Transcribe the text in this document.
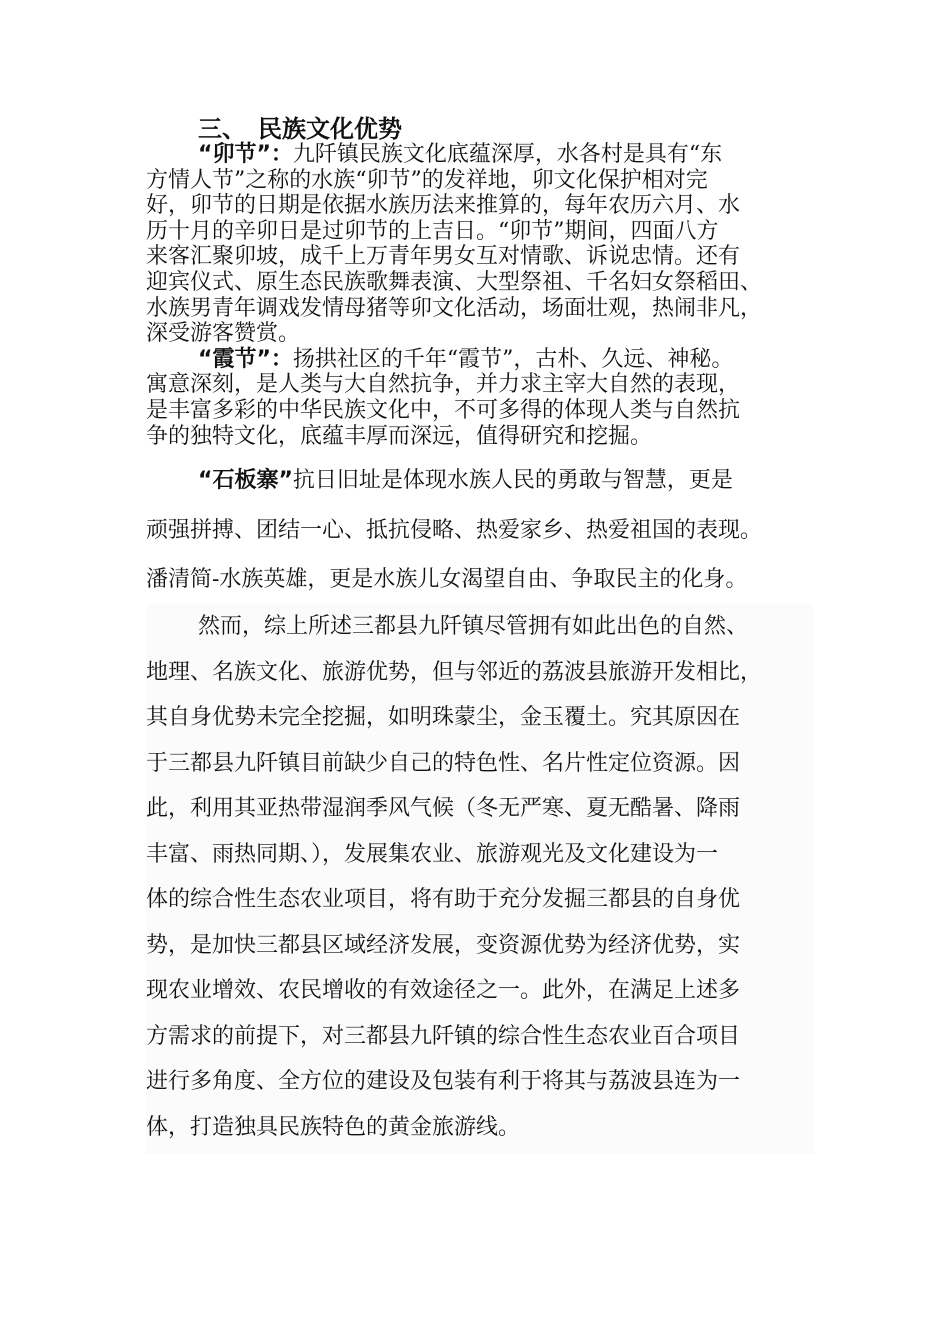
三、 民族文化优势
“卯节”：九阡镇民族文化底蕴深厚，水各村是具有“东
方情人节”之称的水族“卯节”的发祥地，卯文化保护相对完
好，卯节的日期是依据水族历法来推算的，每年农历六月、水
历十月的辛卯日是过卯节的上吉日。“卯节”期间，四面八方
来客汇聚卯坡，成千上万青年男女互对情歌、诉说忠情。还有
迎宾仪式、原生态民族歌舞表演、大型祭祖、千名妇女祭稻田、
水族男青年调戏发情母猪等卯文化活动，场面壮观，热闹非凡，
深受游客赞赏。
“霞节”：扬拱社区的千年“霞节”，古朴、久远、神秘。
寓意深刻，是人类与大自然抗争，并力求主宰大自然的表现，
是丰富多彩的中华民族文化中，不可多得的体现人类与自然抗
争的独特文化，底蕴丰厚而深远，值得研究和挖掘。
“石板寨”抗日旧址是体现水族人民的勇敢与智慧，更是
顽强拼搏、团结一心、抵抗侵略、热爱家乡、热爱祖国的表现。
潘清简-水族英雄，更是水族儿女渴望自由、争取民主的化身。
然而，综上所述三都县九阡镇尽管拥有如此出色的自然、
地理、名族文化、旅游优势，但与邻近的荔波县旅游开发相比，
其自身优势未完全挖掘，如明珠蒙尘，金玉覆土。究其原因在
于三都县九阡镇目前缺少自己的特色性、名片性定位资源。因
此，利用其亚热带湿润季风气候（冬无严寒、夏无酷暑、降雨
丰富、雨热同期、），发展集农业、旅游观光及文化建设为一
体的综合性生态农业项目，将有助于充分发掘三都县的自身优
势，是加快三都县区域经济发展，变资源优势为经济优势，实
现农业增效、农民增收的有效途径之一。此外，在满足上述多
方需求的前提下，对三都县九阡镇的综合性生态农业百合项目
进行多角度、全方位的建设及包装有利于将其与荔波县连为一
体，打造独具民族特色的黄金旅游线。
